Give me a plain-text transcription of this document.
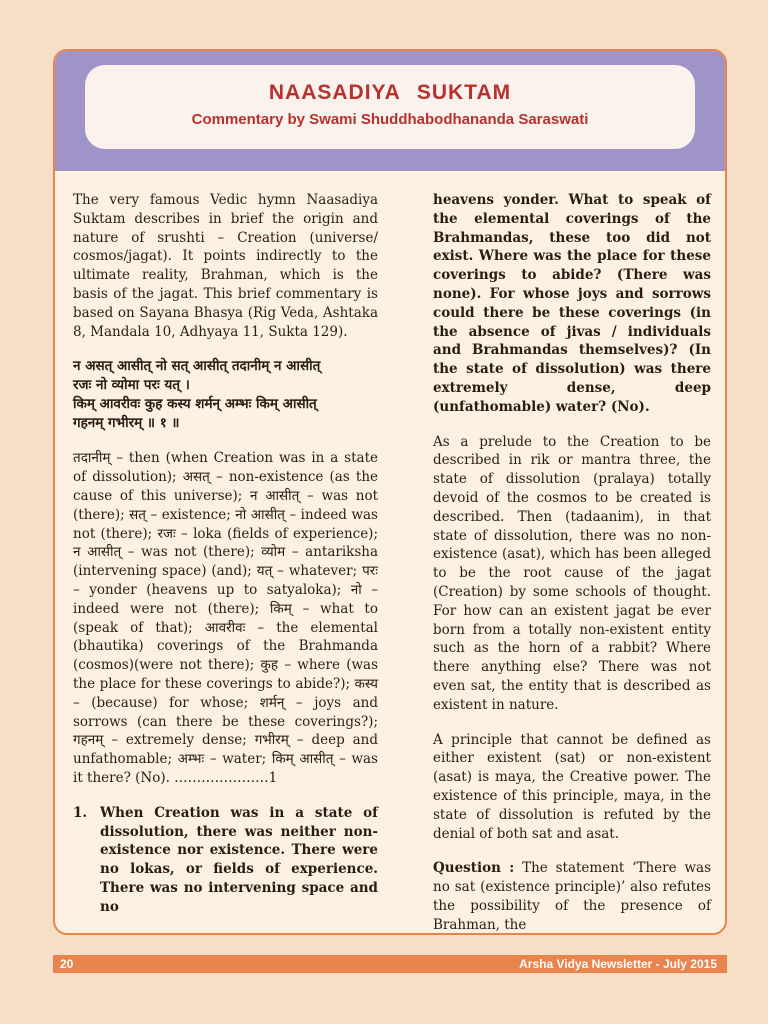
NAASADIYA SUKTAM
Commentary by Swami Shuddhabodhananda Saraswati

The very famous Vedic hymn Naasadiya Suktam describes in brief the origin and nature of srushti – Creation (universe/ cosmos/jagat). It points indirectly to the ultimate reality, Brahman, which is the basis of the jagat. This brief commentary is based on Sayana Bhasya (Rig Veda, Ashtaka 8, Mandala 10, Adhyaya 11, Sukta 129).

न असत् आसीत् नो सत् आसीत् तदानीम् न आसीत्
रजः नो व्योमा परः यत् ।
किम् आवरीवः कुह कस्य शर्मन् अम्भः किम् आसीत्
गहनम् गभीरम् ॥ १ ॥

तदानीम् – then (when Creation was in a state of dissolution); असत् – non-existence (as the cause of this universe); न आसीत् – was not (there); सत् – existence; नो आसीत् – indeed was not (there); रजः – loka (fields of experience); न आसीत् – was not (there); व्योम – antariksha (intervening space) (and); यत् – whatever; परः – yonder (heavens up to satyaloka); नो – indeed were not (there); किम् – what to (speak of that); आवरीवः – the elemental (bhautika) coverings of the Brahmanda (cosmos)(were not there); कुह – where (was the place for these coverings to abide?); कस्य – (because) for whose; शर्मन् – joys and sorrows (can there be these coverings?); गहनम् – extremely dense; गभीरम् – deep and unfathomable; अम्भः – water; किम् आसीत् – was it there? (No). …………………1

1. When Creation was in a state of dissolution, there was neither non-existence nor existence. There were no lokas, or fields of experience. There was no intervening space and no

heavens yonder. What to speak of the elemental coverings of the Brahmandas, these too did not exist. Where was the place for these coverings to abide? (There was none). For whose joys and sorrows could there be these coverings (in the absence of jivas / individuals and Brahmandas themselves)? (In the state of dissolution) was there extremely dense, deep (unfathomable) water? (No).

As a prelude to the Creation to be described in rik or mantra three, the state of dissolution (pralaya) totally devoid of the cosmos to be created is described. Then (tadaanim), in that state of dissolution, there was no non-existence (asat), which has been alleged to be the root cause of the jagat (Creation) by some schools of thought. For how can an existent jagat be ever born from a totally non-existent entity such as the horn of a rabbit? Where there anything else? There was not even sat, the entity that is described as existent in nature.

A principle that cannot be defined as either existent (sat) or non-existent (asat) is maya, the Creative power. The existence of this principle, maya, in the state of dissolution is refuted by the denial of both sat and asat.

Question : The statement ‘There was no sat (existence principle)’ also refutes the possibility of the presence of Brahman, the

20	Arsha Vidya Newsletter - July 2015
